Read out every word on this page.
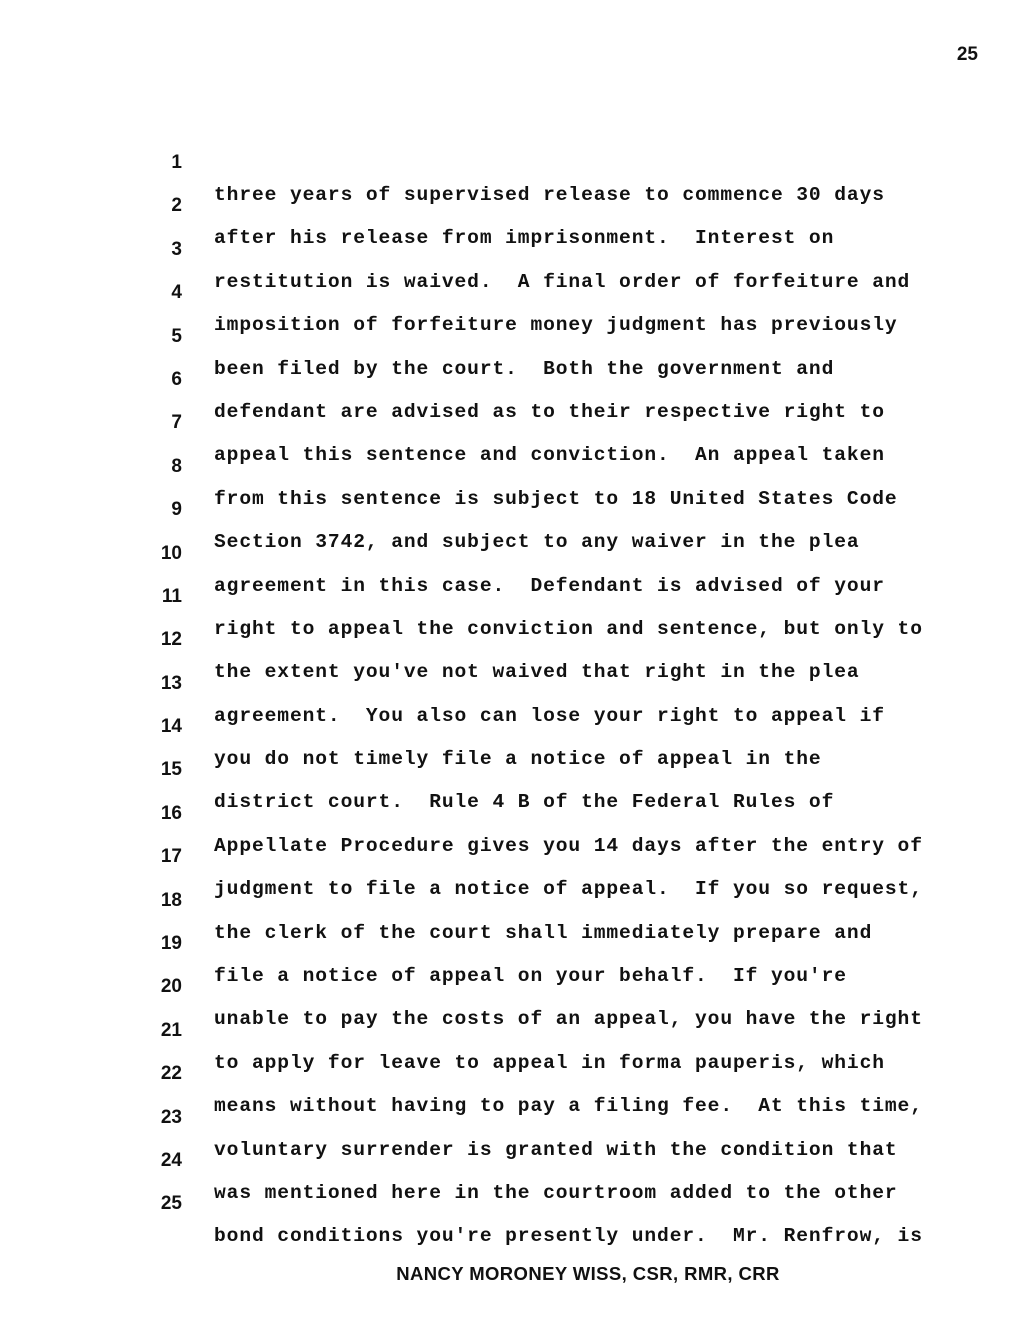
25

1

three years of supervised release to commence 30 days

2

after his release from imprisonment.  Interest on

3

restitution is waived.  A final order of forfeiture and

4

imposition of forfeiture money judgment has previously

5

been filed by the court.  Both the government and

6

defendant are advised as to their respective right to

7

appeal this sentence and conviction.  An appeal taken

8

from this sentence is subject to 18 United States Code

9

Section 3742, and subject to any waiver in the plea

10

agreement in this case.  Defendant is advised of your

11

right to appeal the conviction and sentence, but only to

12

the extent you've not waived that right in the plea

13

agreement.  You also can lose your right to appeal if

14

you do not timely file a notice of appeal in the

15

district court.  Rule 4 B of the Federal Rules of

16

Appellate Procedure gives you 14 days after the entry of

17

judgment to file a notice of appeal.  If you so request,

18

the clerk of the court shall immediately prepare and

19

file a notice of appeal on your behalf.  If you're

20

unable to pay the costs of an appeal, you have the right

21

to apply for leave to appeal in forma pauperis, which

22

means without having to pay a filing fee.  At this time,

23

voluntary surrender is granted with the condition that

24

was mentioned here in the courtroom added to the other

25

bond conditions you're presently under.  Mr. Renfrow, is

NANCY MORONEY WISS, CSR, RMR, CRR
